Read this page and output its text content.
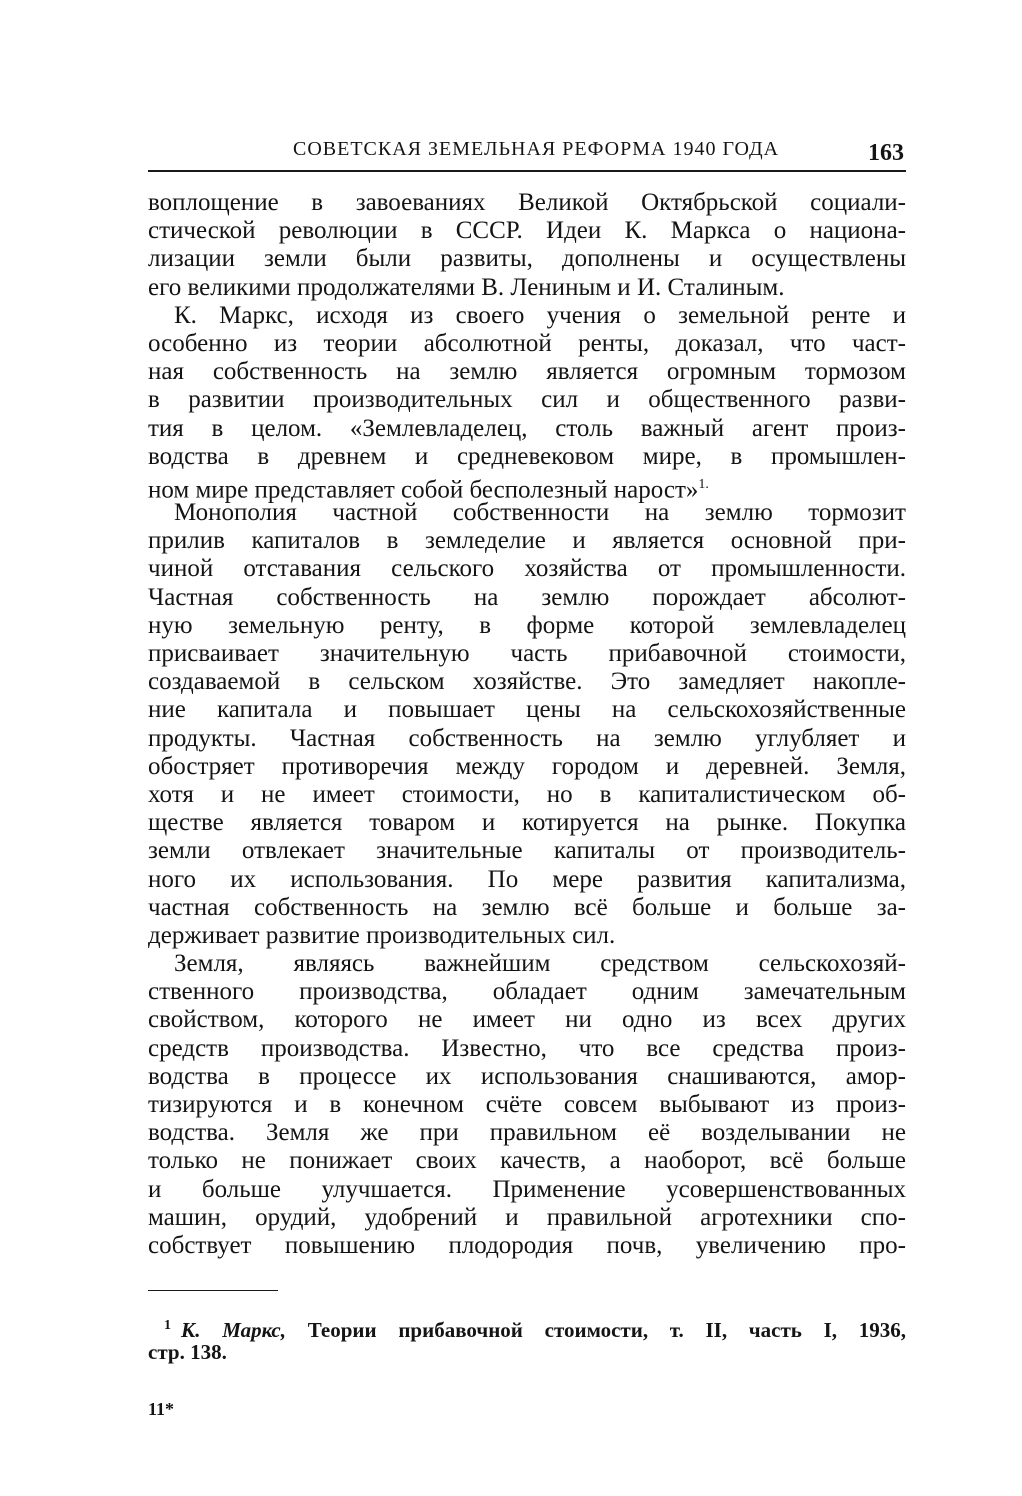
СОВЕТСКАЯ ЗЕМЕЛЬНАЯ РЕФОРМА 1940 ГОДА	163
воплощение в завоеваниях Великой Октябрьской социали-
стической революции в СССР. Идеи К. Маркса о национа-
лизации земли были развиты, дополнены и осуществлены
его великими продолжателями В. Лениным и И. Сталиным.
К. Маркс, исходя из своего учения о земельной ренте и
особенно из теории абсолютной ренты, доказал, что част-
ная собственность на землю является огромным тормозом
в развитии производительных сил и общественного разви-
тия в целом. «Землевладелец, столь важный агент произ-
водства в древнем и средневековом мире, в промышлен-
ном мире представляет собой бесполезный нарост»$^{1.}$
Монополия частной собственности на землю тормозит
прилив капиталов в земледелие и является основной при-
чиной отставания сельского хозяйства от промышленности.
Частная собственность на землю порождает абсолют-
ную земельную ренту, в форме которой землевладелец
присваивает значительную часть прибавочной стоимости,
создаваемой в сельском хозяйстве. Это замедляет накопле-
ние капитала и повышает цены на сельскохозяйственные
продукты. Частная собственность на землю углубляет и
обостряет противоречия между городом и деревней. Земля,
хотя и не имеет стоимости, но в капиталистическом об-
ществе является товаром и котируется на рынке. Покупка
земли отвлекает значительные капиталы от производитель-
ного их использования. По мере развития капитализма,
частная собственность на землю всё больше и больше за-
держивает развитие производительных сил.
Земля, являясь важнейшим средством сельскохозяй-
ственного производства, обладает одним замечательным
свойством, которого не имеет ни одно из всех других
средств производства. Известно, что все средства произ-
водства в процессе их использования снашиваются, амор-
тизируются и в конечном счёте совсем выбывают из произ-
водства. Земля же при правильном её возделывании не
только не понижает своих качеств, а наоборот, всё больше
и больше улучшается. Применение усовершенствованных
машин, орудий, удобрений и правильной агротехники спо-
собствует повышению плодородия почв, увеличению про-
$^1$ К. Маркс, Теории прибавочной стоимости, т. II, часть I, 1936,
стр. 138.
11*
